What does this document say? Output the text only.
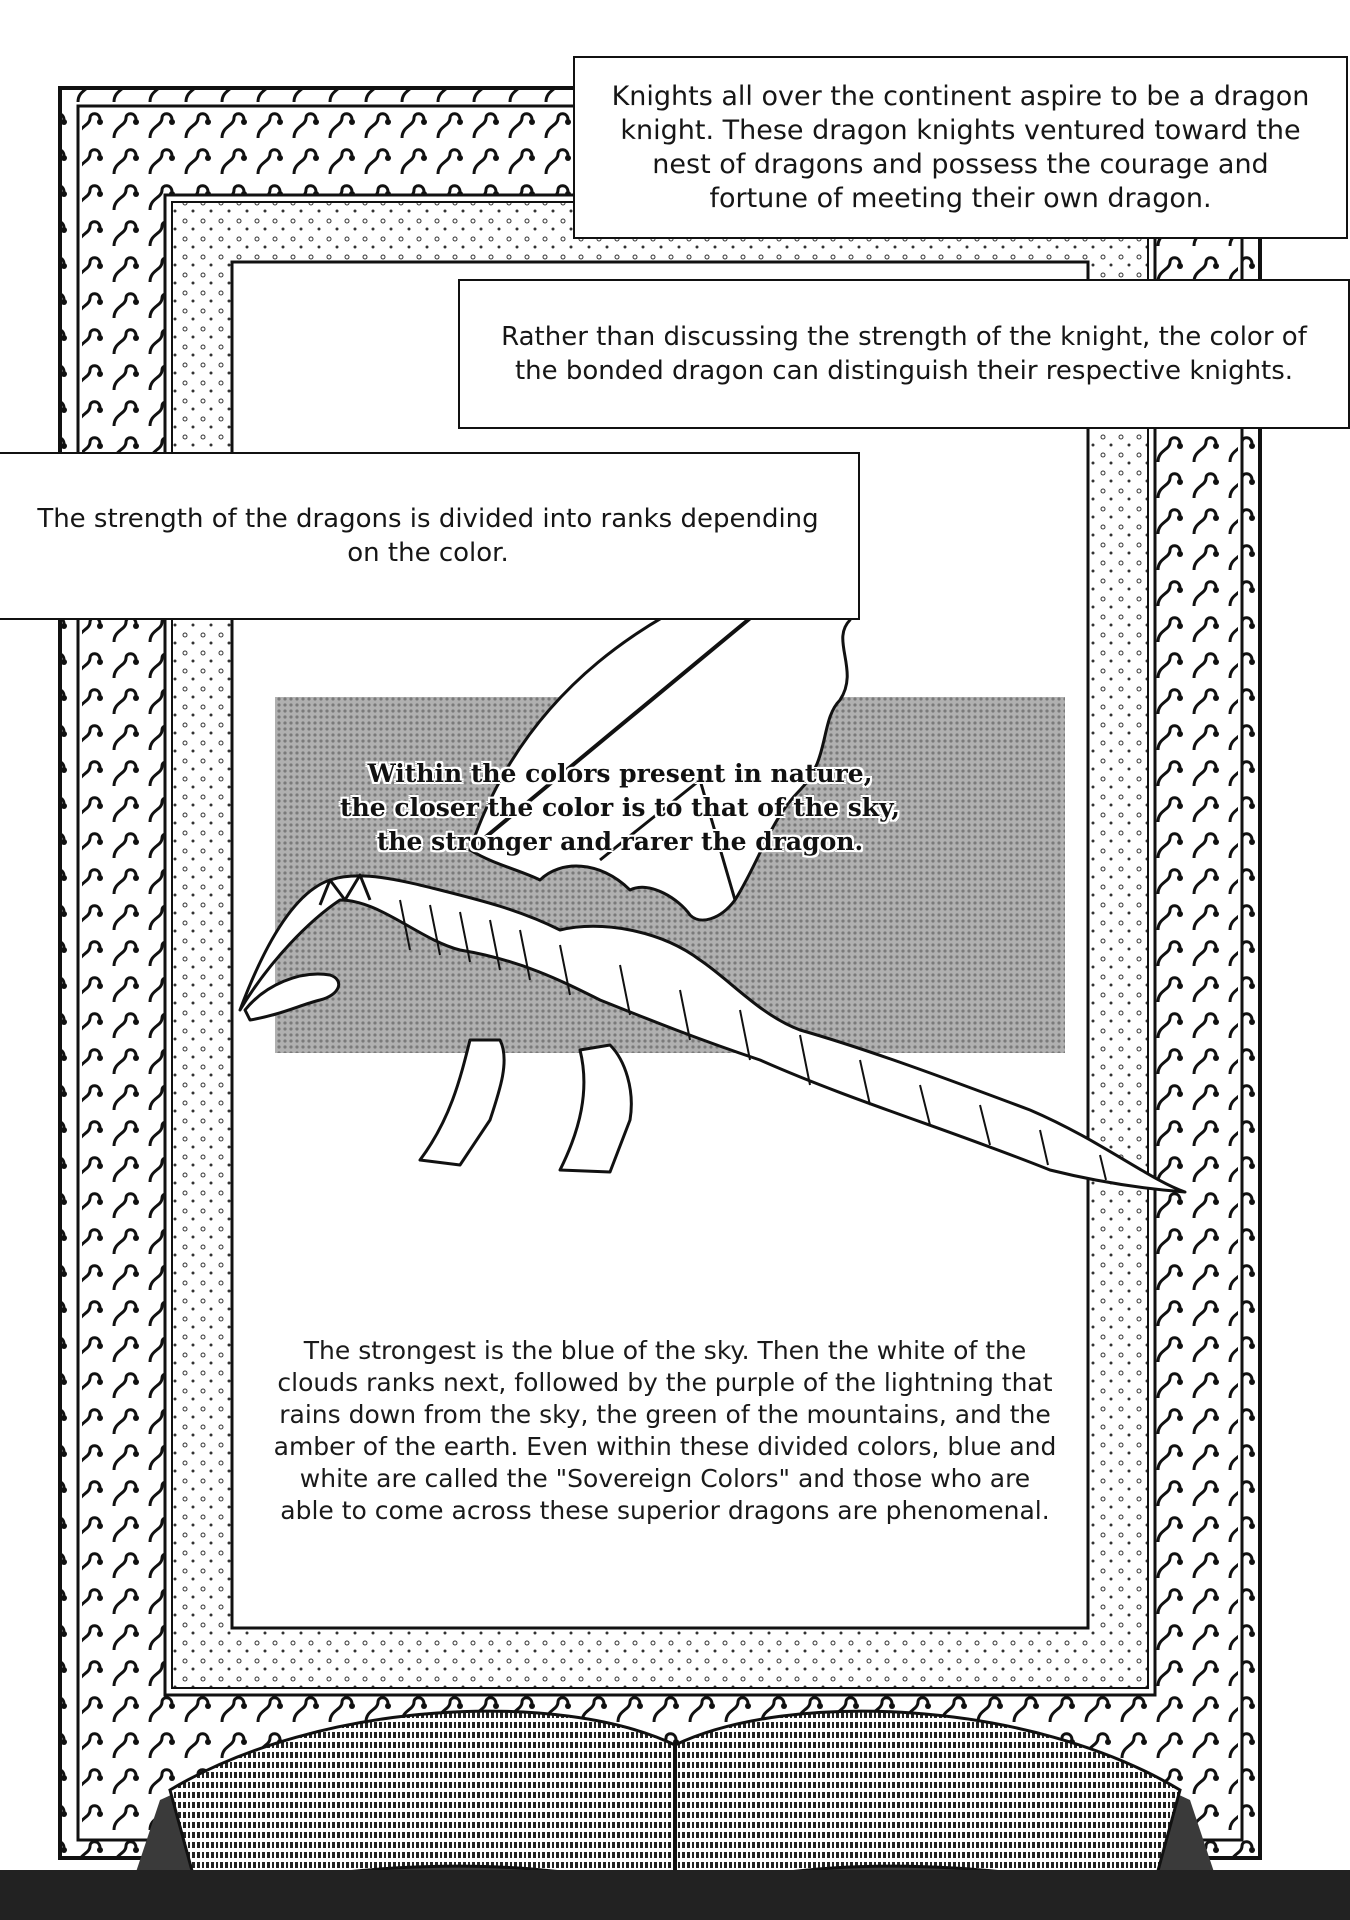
Knights all over the continent aspire to be a dragon knight. These dragon knights ventured toward the nest of dragons and possess the courage and fortune of meeting their own dragon.
Rather than discussing the strength of the knight, the color of the bonded dragon can distinguish their respective knights.
The strength of the dragons is divided into ranks depending on the color.
Within the colors present in nature,
the closer the color is to that of the sky,
the stronger and rarer the dragon.
The strongest is the blue of the sky. Then the white of the clouds ranks next, followed by the purple of the lightning that rains down from the sky, the green of the mountains, and the amber of the earth. Even within these divided colors, blue and white are called the "Sovereign Colors" and those who are able to come across these superior dragons are phenomenal.
